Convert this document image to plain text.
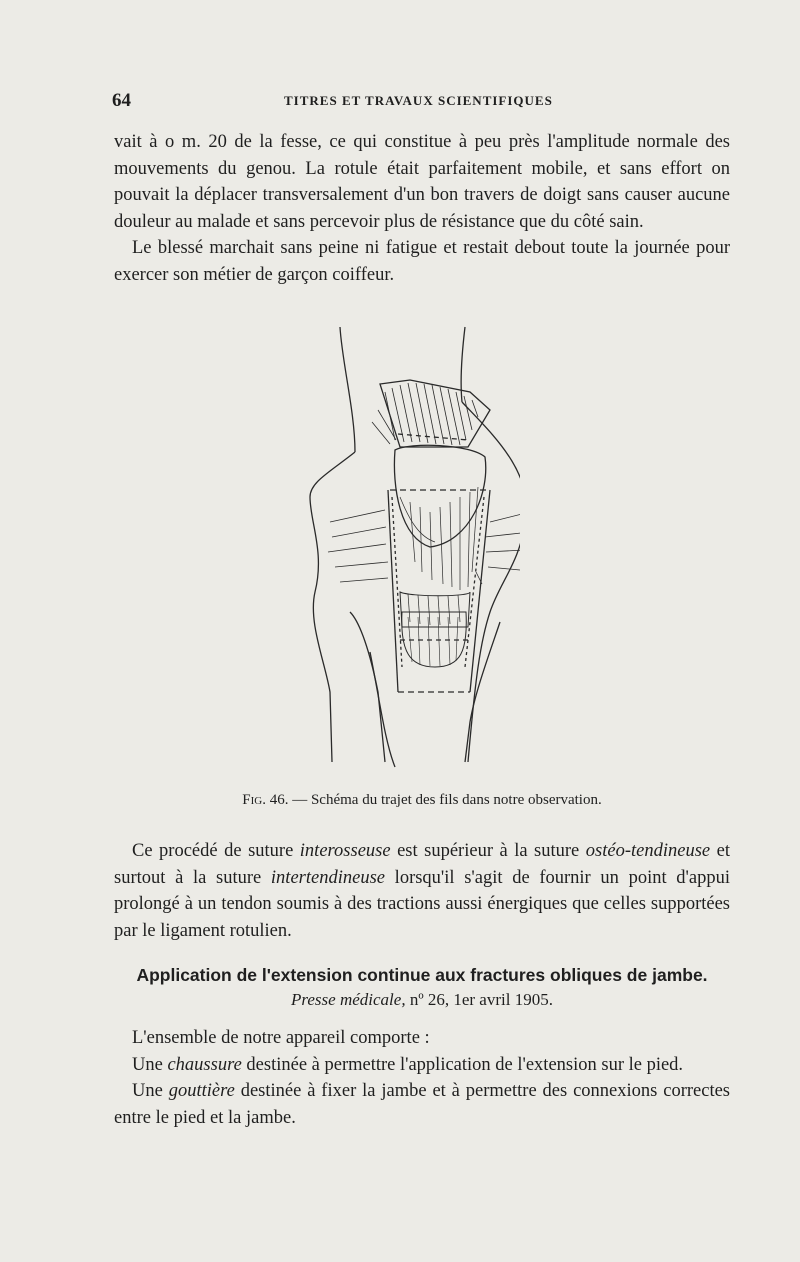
64	TITRES ET TRAVAUX SCIENTIFIQUES

vait à o m. 20 de la fesse, ce qui constitue à peu près l'amplitude normale des mouvements du genou. La rotule était parfaitement mobile, et sans effort on pouvait la déplacer transversalement d'un bon travers de doigt sans causer aucune douleur au malade et sans percevoir plus de résistance que du côté sain.

Le blessé marchait sans peine ni fatigue et restait debout toute la journée pour exercer son métier de garçon coiffeur.

Fig. 46. — Schéma du trajet des fils dans notre observation.

Ce procédé de suture interosseuse est supérieur à la suture ostéo-tendineuse et surtout à la suture intertendineuse lorsqu'il s'agit de fournir un point d'appui prolongé à un tendon soumis à des tractions aussi énergiques que celles supportées par le ligament rotulien.

Application de l'extension continue aux fractures obliques de jambe.
Presse médicale, nº 26, 1er avril 1905.

L'ensemble de notre appareil comporte :

Une chaussure destinée à permettre l'application de l'extension sur le pied.

Une gouttière destinée à fixer la jambe et à permettre des connexions correctes entre le pied et la jambe.
